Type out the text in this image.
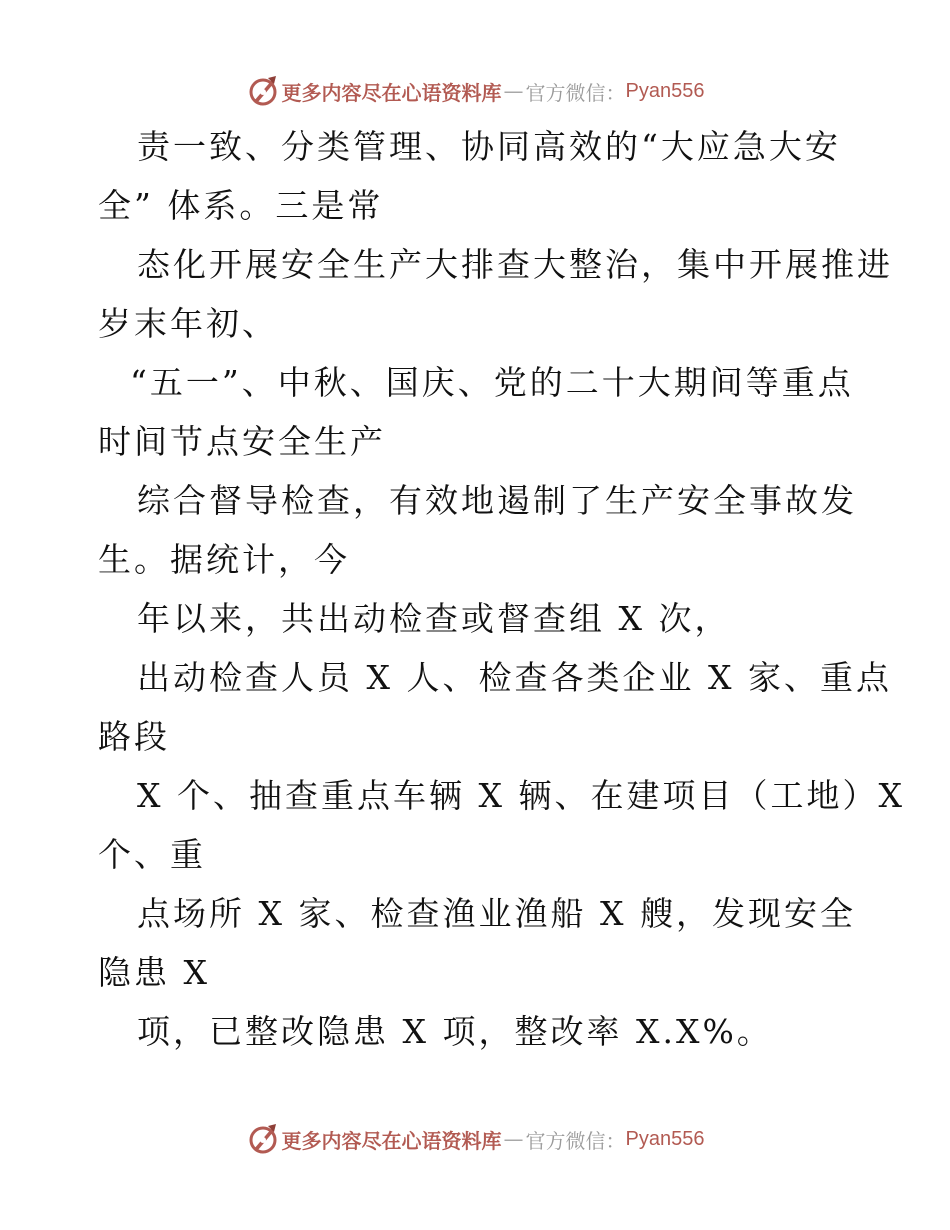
更多内容尽在心语资料库 — 官方微信： Pyan556
责一致、分类管理、协同高效的“大应急大安
全” 体系。三是常
态化开展安全生产大排查大整治，集中开展推进
岁末年初、
“五一”、中秋、国庆、党的二十大期间等重点
时间节点安全生产
综合督导检查，有效地遏制了生产安全事故发
生。据统计，今
年以来，共出动检查或督查组 X 次，
出动检查人员 X 人、检查各类企业 X 家、重点
路段
X 个、抽查重点车辆 X 辆、在建项目（工地）X
个、重
点场所 X 家、检查渔业渔船 X 艘，发现安全
隐患 X
项，已整改隐患 X 项，整改率 X.X%。
更多内容尽在心语资料库 — 官方微信： Pyan556
